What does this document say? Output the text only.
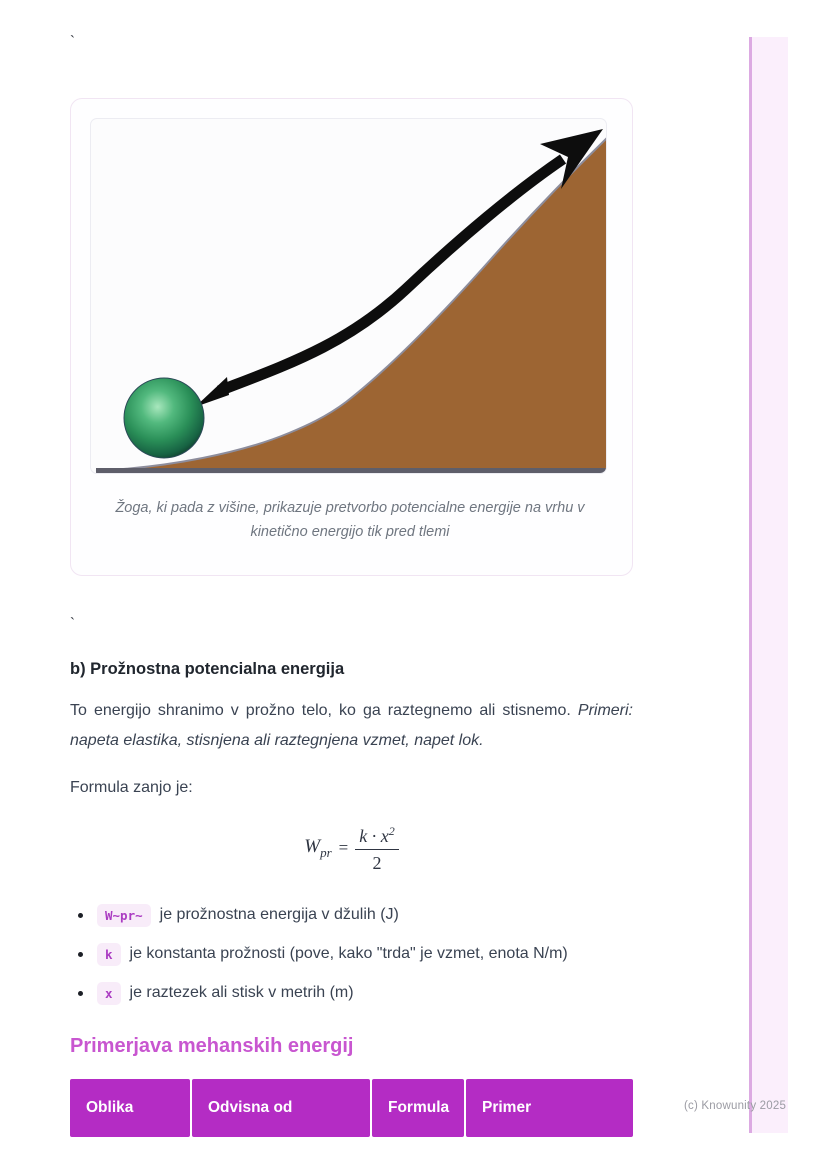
(c) Knowunity 2025
`
Žoga, ki pada z višine, prikazuje pretvorbo potencialne energije na vrhu v kinetično energijo tik pred tlemi
`
b) Prožnostna potencialna energija

To energijo shranimo v prožno telo, ko ga raztegnemo ali stisnemo. Primeri: napeta elastika, stisnjena ali raztegnjena vzmet, napet lok.

Formula zanjo je:

$W_{pr} = \frac{k \cdot x^2}{2}$
W~pr~	je prožnostna energija v džulih (J)
k	je konstanta prožnosti (pove, kako "trda" je vzmet, enota N/m)
x	je raztezek ali stisk v metrih (m)
Primerjava mehanskih energij
Oblika	Odvisna od	Formula	Primer
